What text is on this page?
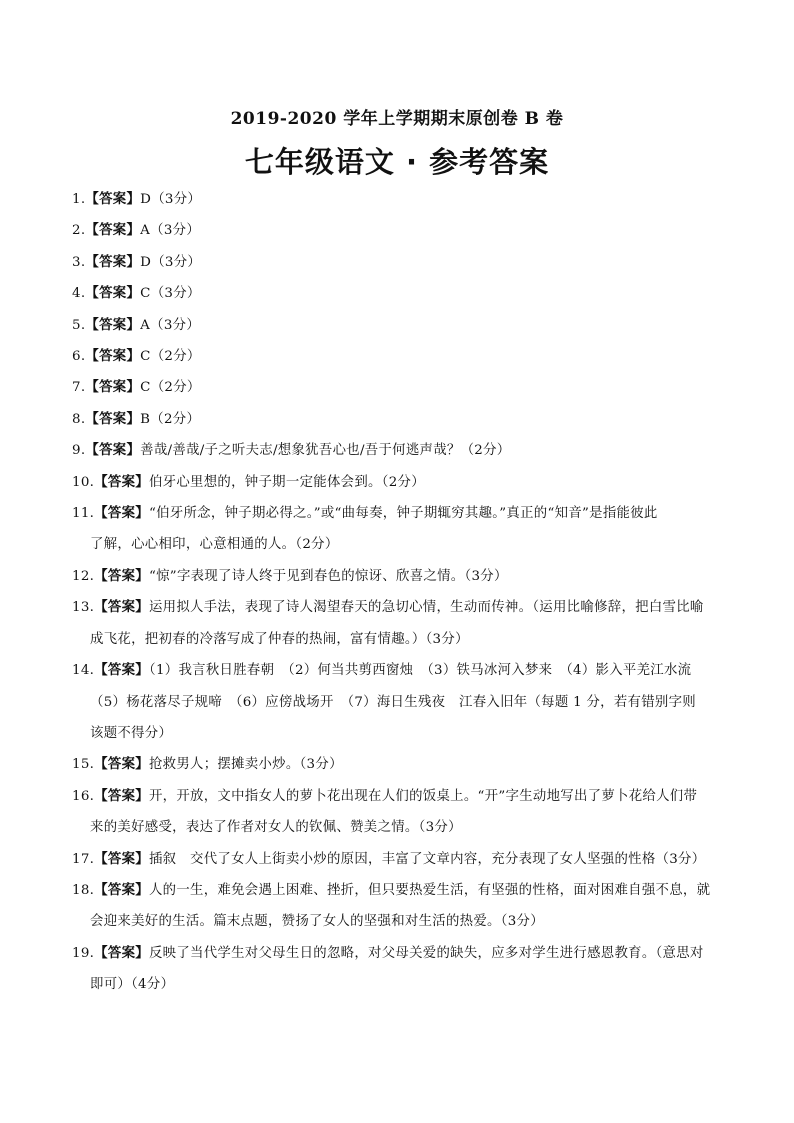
2019-2020 学年上学期期末原创卷 B 卷
七年级语文 · 参考答案
1.【答案】D（3分）
2.【答案】A（3分）
3.【答案】D（3分）
4.【答案】C（3分）
5.【答案】A（3分）
6.【答案】C（2分）
7.【答案】C（2分）
8.【答案】B（2分）
9.【答案】善哉/善哉/子之听夫志/想象犹吾心也/吾于何逃声哉？（2分）
10.【答案】伯牙心里想的，钟子期一定能体会到。（2分）
11.【答案】“伯牙所念，钟子期必得之。”或“曲每奏，钟子期辄穷其趣。”真正的“知音”是指能彼此
了解，心心相印，心意相通的人。（2分）
12.【答案】“惊”字表现了诗人终于见到春色的惊讶、欣喜之情。（3分）
13.【答案】运用拟人手法，表现了诗人渴望春天的急切心情，生动而传神。（运用比喻修辞，把白雪比喻
成飞花，把初春的冷落写成了仲春的热闹，富有情趣。）（3分）
14.【答案】（1）我言秋日胜春朝　（2）何当共剪西窗烛　（3）铁马冰河入梦来　（4）影入平羌江水流
（5）杨花落尽子规啼　（6）应傍战场开　（7）海日生残夜　江春入旧年（每题 1 分，若有错别字则
该题不得分）
15.【答案】抢救男人；摆摊卖小炒。（3分）
16.【答案】开，开放，文中指女人的萝卜花出现在人们的饭桌上。“开”字生动地写出了萝卜花给人们带
来的美好感受，表达了作者对女人的钦佩、赞美之情。（3分）
17.【答案】插叙　交代了女人上街卖小炒的原因，丰富了文章内容，充分表现了女人坚强的性格（3分）
18.【答案】人的一生，难免会遇上困难、挫折，但只要热爱生活，有坚强的性格，面对困难自强不息，就
会迎来美好的生活。篇末点题，赞扬了女人的坚强和对生活的热爱。（3分）
19.【答案】反映了当代学生对父母生日的忽略，对父母关爱的缺失，应多对学生进行感恩教育。（意思对
即可）（4分）
